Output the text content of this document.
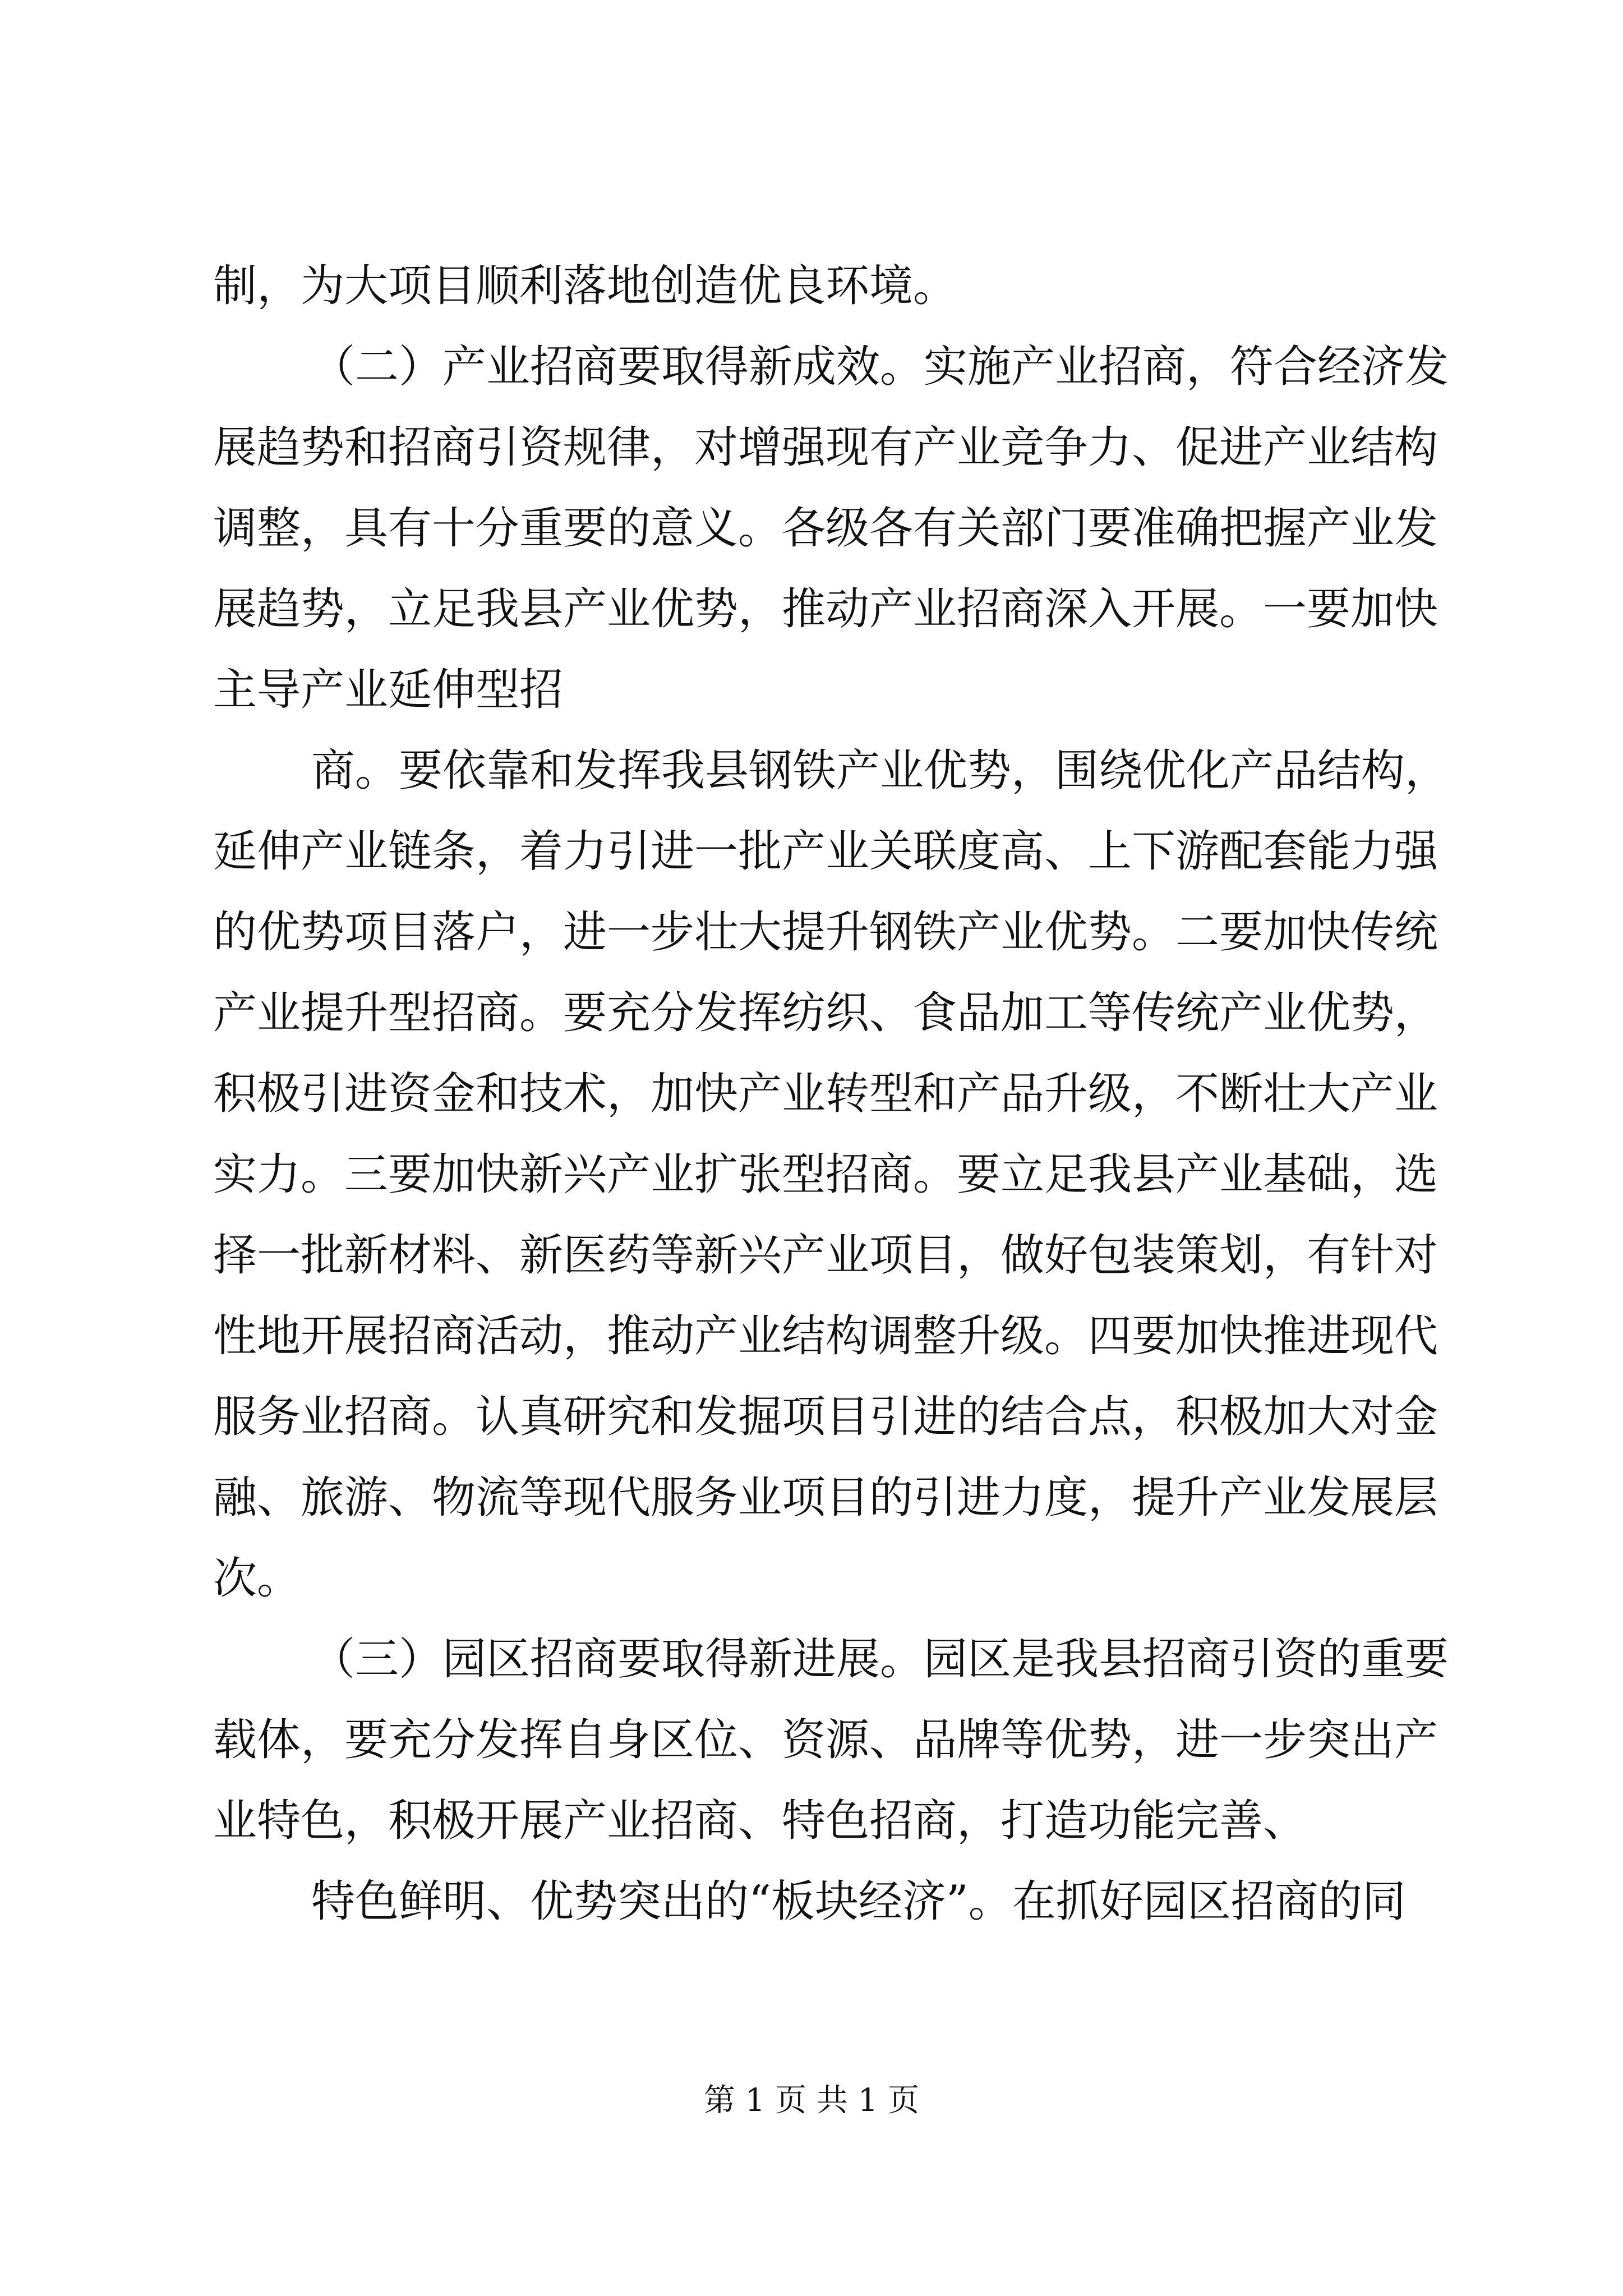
制，为大项目顺利落地创造优良环境。
（二）产业招商要取得新成效。实施产业招商，符合经济发
展趋势和招商引资规律，对增强现有产业竞争力、促进产业结构
调整，具有十分重要的意义。各级各有关部门要准确把握产业发
展趋势，立足我县产业优势，推动产业招商深入开展。一要加快
主导产业延伸型招
商。要依靠和发挥我县钢铁产业优势，围绕优化产品结构，
延伸产业链条，着力引进一批产业关联度高、上下游配套能力强
的优势项目落户，进一步壮大提升钢铁产业优势。二要加快传统
产业提升型招商。要充分发挥纺织、食品加工等传统产业优势，
积极引进资金和技术，加快产业转型和产品升级，不断壮大产业
实力。三要加快新兴产业扩张型招商。要立足我县产业基础，选
择一批新材料、新医药等新兴产业项目，做好包装策划，有针对
性地开展招商活动，推动产业结构调整升级。四要加快推进现代
服务业招商。认真研究和发掘项目引进的结合点，积极加大对金
融、旅游、物流等现代服务业项目的引进力度，提升产业发展层
次。
（三）园区招商要取得新进展。园区是我县招商引资的重要
载体，要充分发挥自身区位、资源、品牌等优势，进一步突出产
业特色，积极开展产业招商、特色招商，打造功能完善、
特色鲜明、优势突出的“板块经济”。在抓好园区招商的同
第 1 页 共 1 页
